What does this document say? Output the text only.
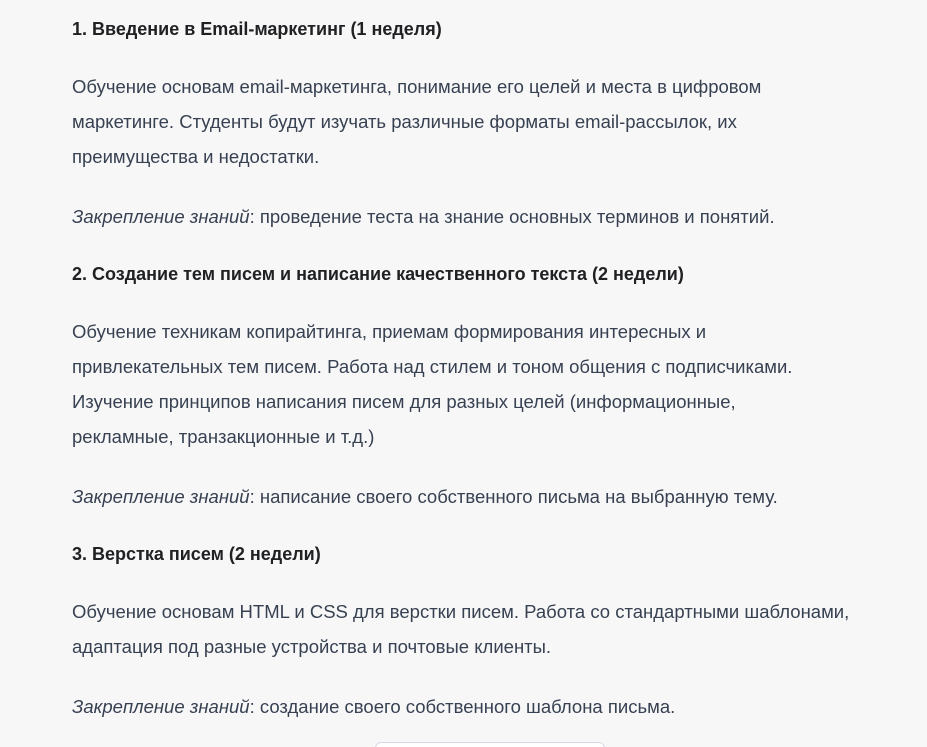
1. Введение в Email-маркетинг (1 неделя)

Обучение основам email-маркетинга, понимание его целей и места в цифровом

маркетинге. Студенты будут изучать различные форматы email-рассылок, их

преимущества и недостатки.

Закрепление знаний: проведение теста на знание основных терминов и понятий.

2. Создание тем писем и написание качественного текста (2 недели)

Обучение техникам копирайтинга, приемам формирования интересных и

привлекательных тем писем. Работа над стилем и тоном общения с подписчиками.

Изучение принципов написания писем для разных целей (информационные,

рекламные, транзакционные и т.д.)

Закрепление знаний: написание своего собственного письма на выбранную тему.

3. Верстка писем (2 недели)

Обучение основам HTML и CSS для верстки писем. Работа со стандартными шаблонами,

адаптация под разные устройства и почтовые клиенты.

Закрепление знаний: создание своего собственного шаблона письма.
